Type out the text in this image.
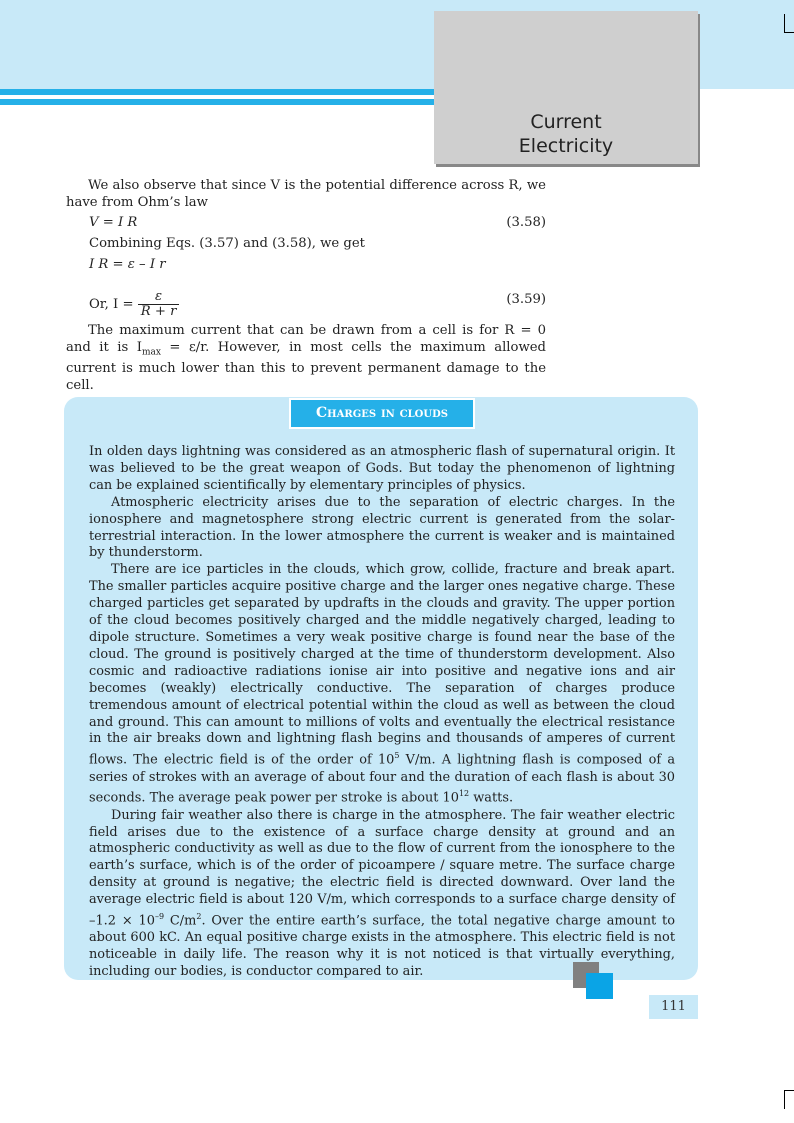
Current
Electricity
We also observe that since V is the potential difference across R, we have from Ohm’s law
V = I R	(3.58)
Combining Eqs. (3.57) and (3.58), we get
I R = ε – I r
Or, $I = \frac{\varepsilon}{R + r}$	(3.59)
The maximum current that can be drawn from a cell is for R = 0 and it is $I_{max} = \varepsilon/r$. However, in most cells the maximum allowed current is much lower than this to prevent permanent damage to the cell.
Charges in clouds

In olden days lightning was considered as an atmospheric flash of supernatural origin. It was believed to be the great weapon of Gods. But today the phenomenon of lightning can be explained scientifically by elementary principles of physics.

Atmospheric electricity arises due to the separation of electric charges. In the ionosphere and magnetosphere strong electric current is generated from the solar-terrestrial interaction. In the lower atmosphere the current is weaker and is maintained by thunderstorm.

There are ice particles in the clouds, which grow, collide, fracture and break apart. The smaller particles acquire positive charge and the larger ones negative charge. These charged particles get separated by updrafts in the clouds and gravity. The upper portion of the cloud becomes positively charged and the middle negatively charged, leading to dipole structure. Sometimes a very weak positive charge is found near the base of the cloud. The ground is positively charged at the time of thunderstorm development. Also cosmic and radioactive radiations ionise air into positive and negative ions and air becomes (weakly) electrically conductive. The separation of charges produce tremendous amount of electrical potential within the cloud as well as between the cloud and ground. This can amount to millions of volts and eventually the electrical resistance in the air breaks down and lightning flash begins and thousands of amperes of current flows. The electric field is of the order of $10^5$ V/m. A lightning flash is composed of a series of strokes with an average of about four and the duration of each flash is about 30 seconds. The average peak power per stroke is about $10^{12}$ watts.

During fair weather also there is charge in the atmosphere. The fair weather electric field arises due to the existence of a surface charge density at ground and an atmospheric conductivity as well as due to the flow of current from the ionosphere to the earth’s surface, which is of the order of picoampere / square metre. The surface charge density at ground is negative; the electric field is directed downward. Over land the average electric field is about 120 V/m, which corresponds to a surface charge density of $-1.2 \times 10^{-9}$ $C/m^2$. Over the entire earth’s surface, the total negative charge amount to about 600 kC. An equal positive charge exists in the atmosphere. This electric field is not noticeable in daily life. The reason why it is not noticed is that virtually everything, including our bodies, is conductor compared to air.

111
